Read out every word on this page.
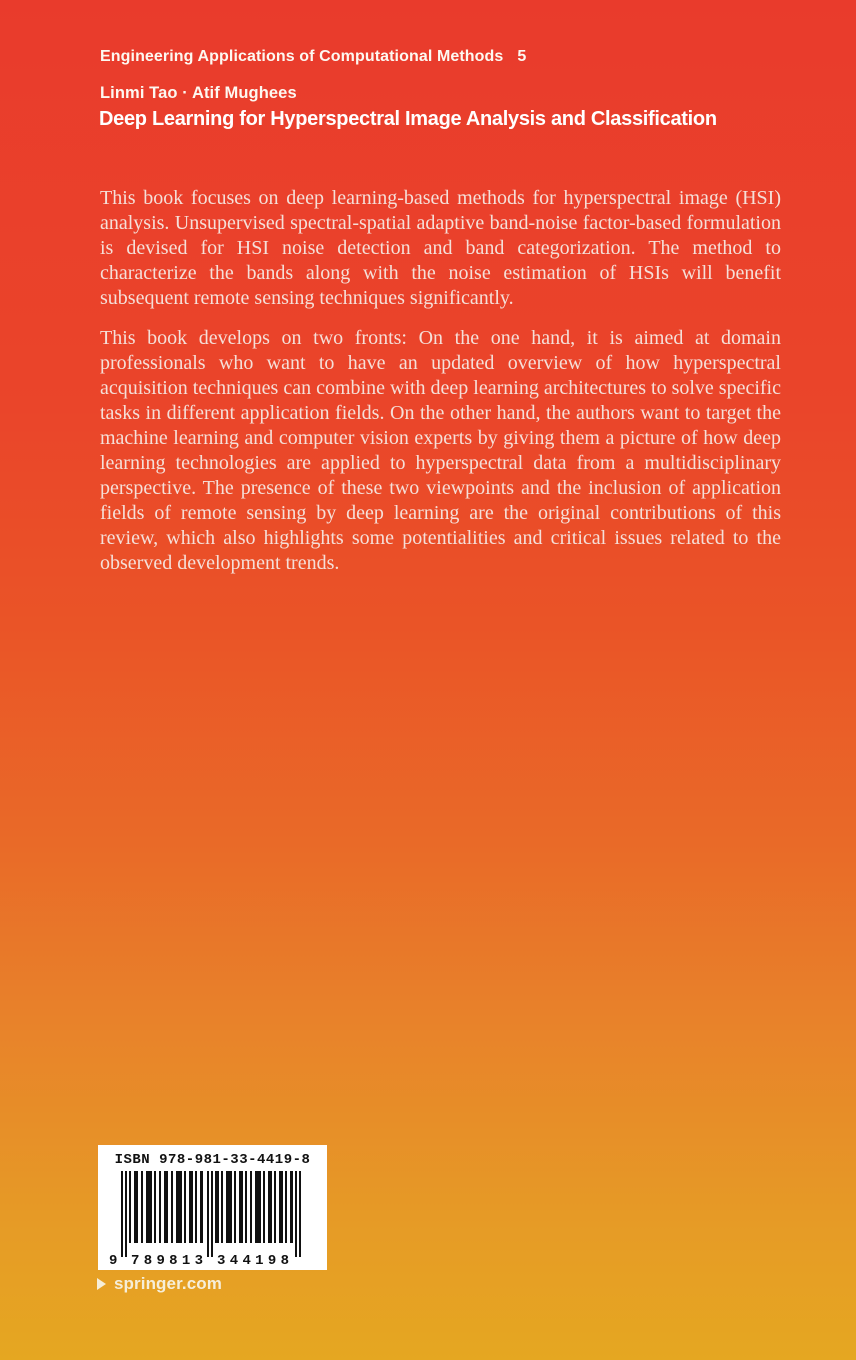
Engineering Applications of Computational Methods 5
Linmi Tao · Atif Mughees
Deep Learning for Hyperspectral Image Analysis and Classification

This book focuses on deep learning-based methods for hyperspectral image (HSI) analysis. Unsupervised spectral-spatial adaptive band-noise factor-based formulation is devised for HSI noise detection and band categorization. The method to characterize the bands along with the noise estimation of HSIs will benefit subsequent remote sensing techniques significantly.

This book develops on two fronts: On the one hand, it is aimed at domain professionals who want to have an updated overview of how hyperspectral acquisition techniques can combine with deep learning architectures to solve specific tasks in different application fields. On the other hand, the authors want to target the machine learning and computer vision experts by giving them a picture of how deep learning technologies are applied to hyperspectral data from a multidisciplinary perspective. The presence of these two viewpoints and the inclusion of application fields of remote sensing by deep learning are the original contributions of this review, which also highlights some potentialities and critical issues related to the observed development trends.

ISBN 978-981-33-4419-8
9 789813 344198
springer.com
